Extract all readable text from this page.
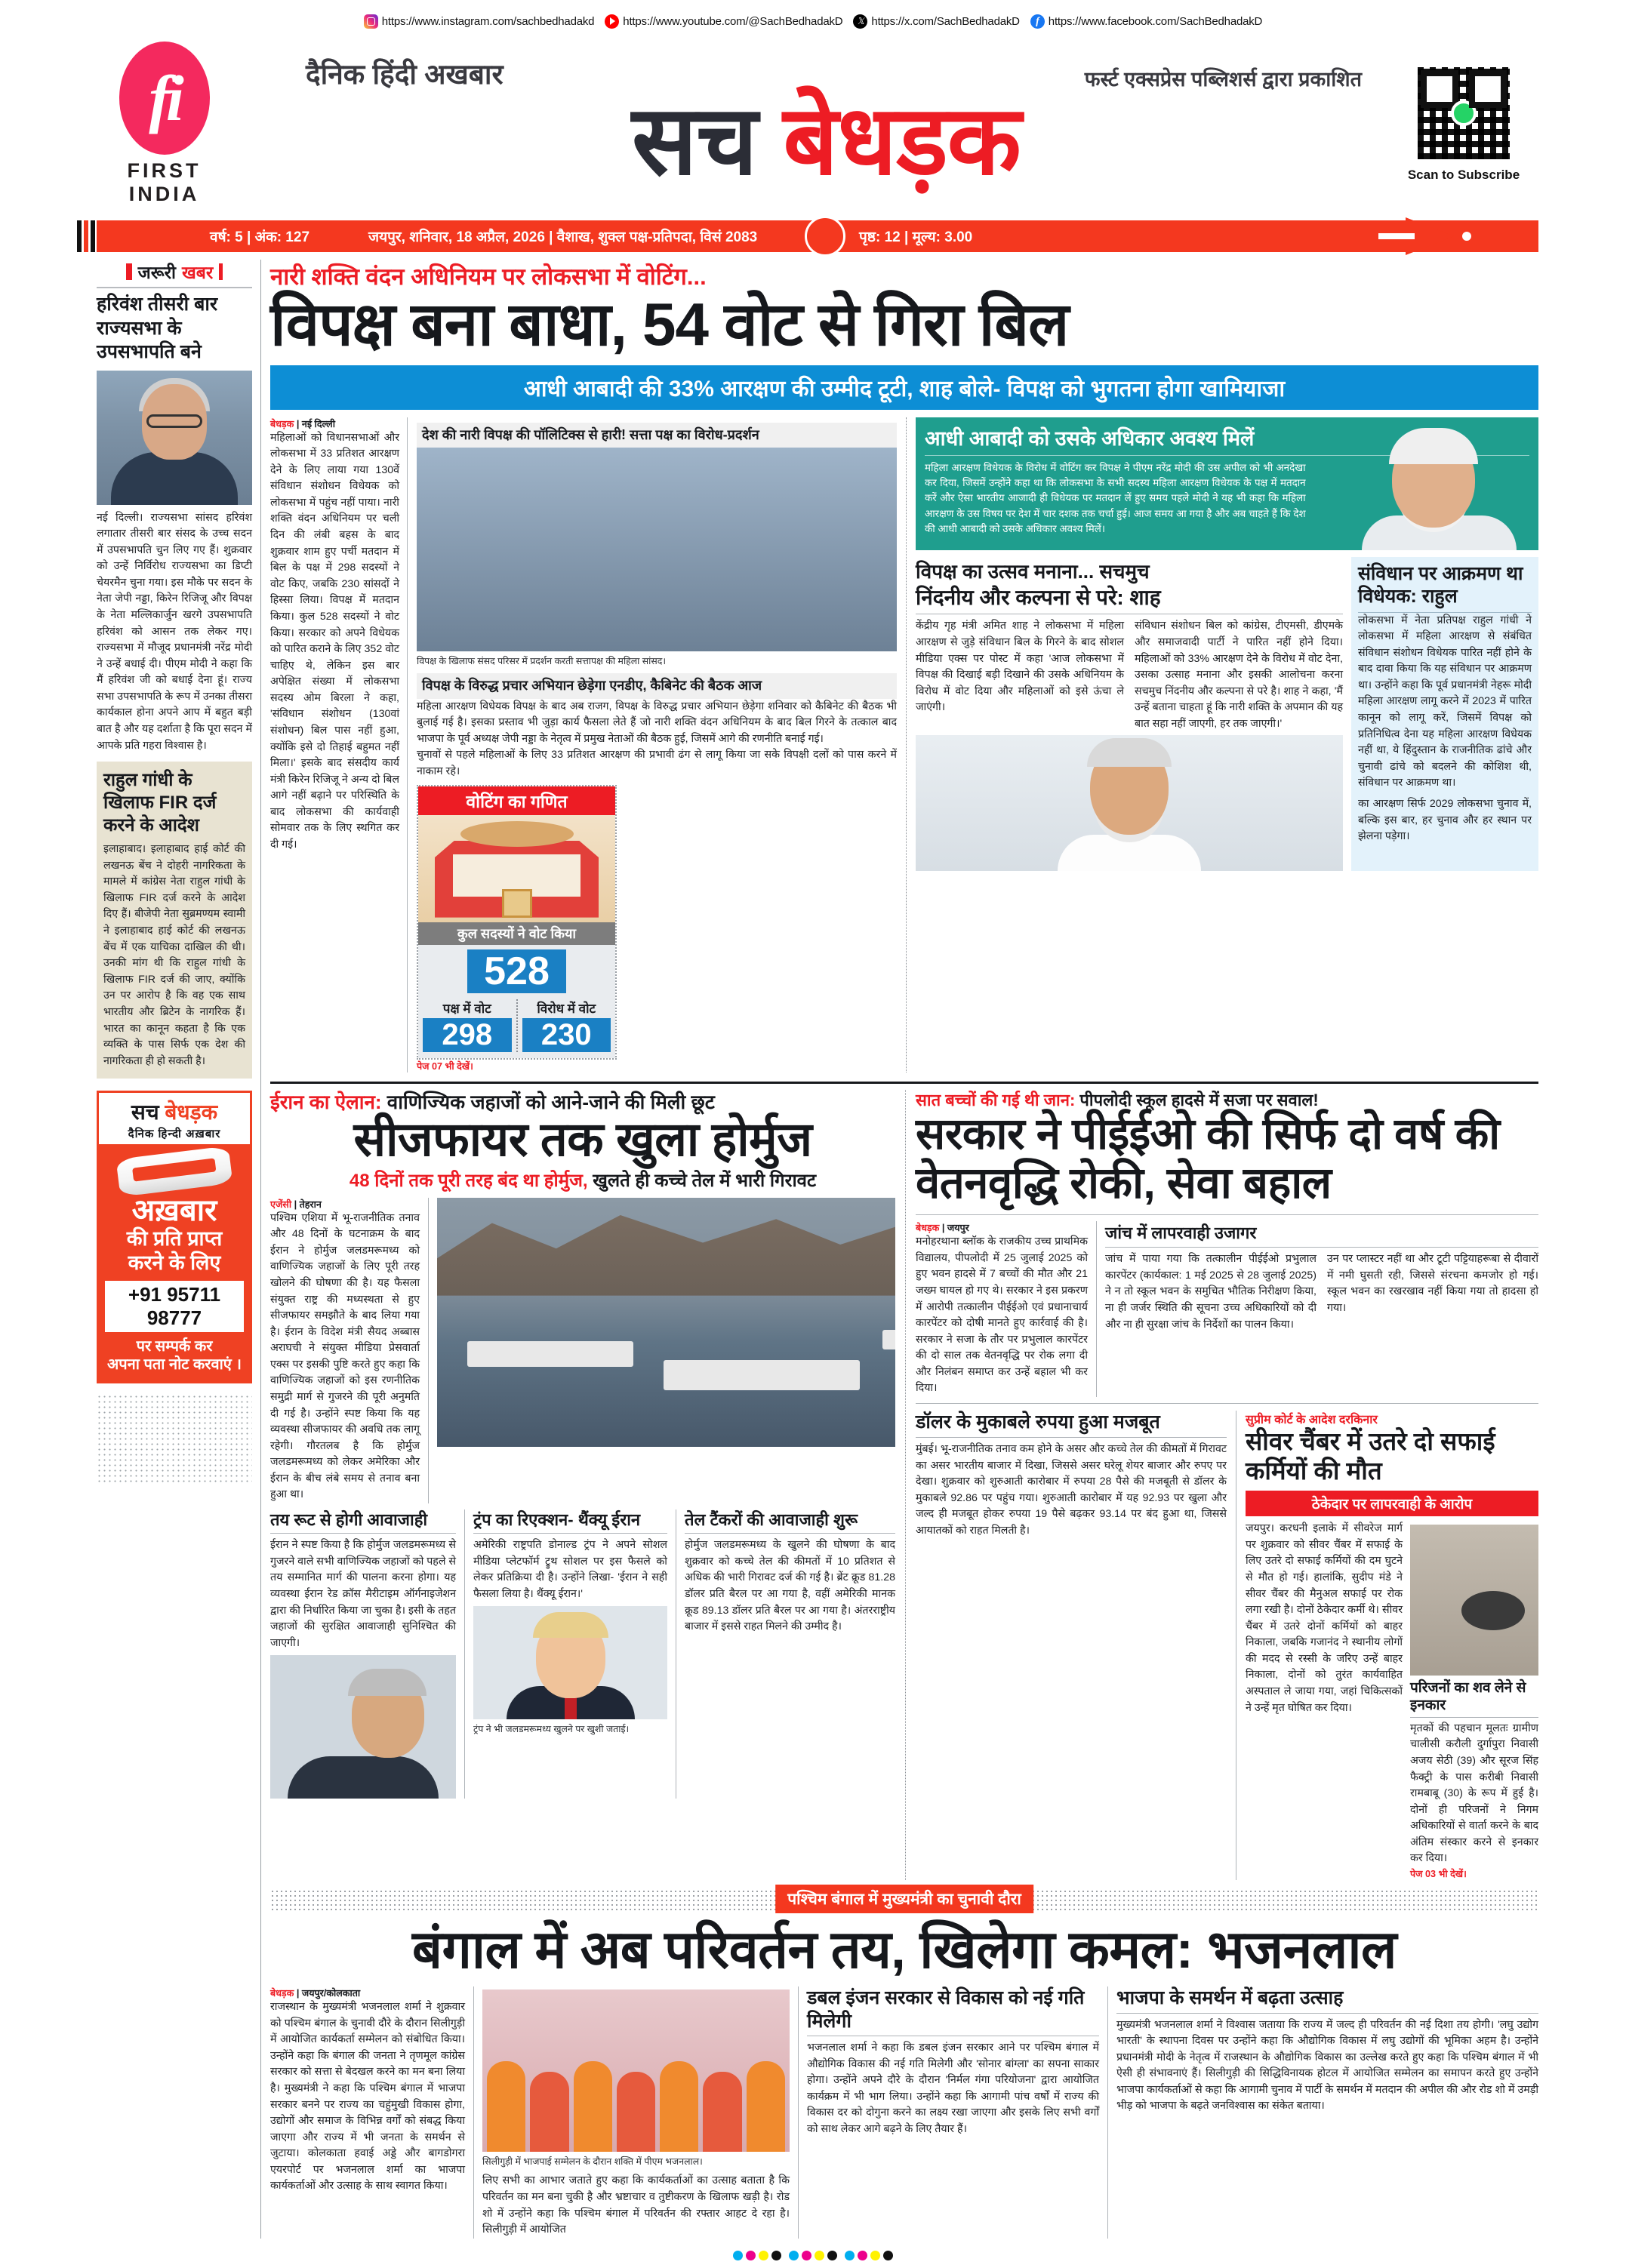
https://www.instagram.com/sachbedhadakd	https://www.youtube.com/@SachBedhadakD	𝕏 https://x.com/SachBedhadakD	f https://www.facebook.com/SachBedhadakD
fi
FIRST
INDIA
दैनिक हिंदी अखबार	फर्स्ट एक्सप्रेस पब्लिशर्स द्वारा प्रकाशित
सच बेधड़क	Scan to Subscribe
वर्ष: 5 | अंक: 127	जयपुर, शनिवार, 18 अप्रैल, 2026 | वैशाख, शुक्ल पक्ष-प्रतिपदा, विसं 2083	पृष्ठ: 12 | मूल्य: 3.00
जरूरी खबर
हरिवंश तीसरी बार राज्यसभा के उपसभापति बने
नई दिल्ली। राज्यसभा सांसद हरिवंश लगातार तीसरी बार संसद के उच्च सदन में उपसभापति चुन लिए गए हैं। शुक्रवार को उन्हें निर्विरोध राज्यसभा का डिप्टी चेयरमैन चुना गया। इस मौके पर सदन के नेता जेपी नड्डा, किरेन रिजिजू और विपक्ष के नेता मल्लिकार्जुन खरगे उपसभापति हरिवंश को आसन तक लेकर गए। राज्यसभा में मौजूद प्रधानमंत्री नरेंद्र मोदी ने उन्हें बधाई दी। पीएम मोदी ने कहा कि मैं हरिवंश जी को बधाई देना हूं। राज्य सभा उपसभापति के रूप में उनका तीसरा कार्यकाल होना अपने आप में बहुत बड़ी बात है और यह दर्शाता है कि पूरा सदन में आपके प्रति गहरा विश्वास है।
राहुल गांधी के खिलाफ FIR दर्ज करने के आदेश
इलाहाबाद। इलाहाबाद हाई कोर्ट की लखनऊ बेंच ने दोहरी नागरिकता के मामले में कांग्रेस नेता राहुल गांधी के खिलाफ FIR दर्ज करने के आदेश दिए हैं। बीजेपी नेता सुब्रमण्यम स्वामी ने इलाहाबाद हाई कोर्ट की लखनऊ बेंच में एक याचिका दाखिल की थी। उनकी मांग थी कि राहुल गांधी के खिलाफ FIR दर्ज की जाए, क्योंकि उन पर आरोप है कि वह एक साथ भारतीय और ब्रिटेन के नागरिक हैं। भारत का कानून कहता है कि एक व्यक्ति के पास सिर्फ एक देश की नागरिकता ही हो सकती है।
सच बेधड़क
दैनिक हिन्दी अख़बार
अख़बार
की प्रति प्राप्त
करने के लिए
+91 95711 98777
पर सम्पर्क कर
अपना पता नोट करवाएं ।
नारी शक्ति वंदन अधिनियम पर लोकसभा में वोटिंग...
विपक्ष बना बाधा, 54 वोट से गिरा बिल
आधी आबादी की 33% आरक्षण की उम्मीद टूटी, शाह बोले- विपक्ष को भुगतना होगा खामियाजा
बेधड़क | नई दिल्ली
महिलाओं को विधानसभाओं और लोकसभा में 33 प्रतिशत आरक्षण देने के लिए लाया गया 130वें संविधान संशोधन विधेयक को लोकसभा में पहुंच नहीं पाया। नारी शक्ति वंदन अधिनियम पर चली दिन की लंबी बहस के बाद शुक्रवार शाम हुए पर्ची मतदान में बिल के पक्ष में 298 सदस्यों ने वोट किए, जबकि 230 सांसदों ने हिस्सा लिया। विपक्ष में मतदान किया। कुल 528 सदस्यों ने वोट किया। सरकार को अपने विधेयक को पारित कराने के लिए 352 वोट चाहिए थे, लेकिन इस बार अपेक्षित संख्या में लोकसभा सदस्य ओम बिरला ने कहा, 'संविधान संशोधन (130वां संशोधन) बिल पास नहीं हुआ, क्योंकि इसे दो तिहाई बहुमत नहीं मिला।' इसके बाद संसदीय कार्य मंत्री किरेन रिजिजू ने अन्य दो बिल आगे नहीं बढ़ाने पर परिस्थिति के बाद लोकसभा की कार्यवाही सोमवार तक के लिए स्थगित कर दी गई।
देश की नारी विपक्ष की पॉलिटिक्स से हारी! सत्ता पक्ष का विरोध-प्रदर्शन
विपक्ष के खिलाफ संसद परिसर में प्रदर्शन करती सत्तापक्ष की महिला सांसद।
विपक्ष के विरुद्ध प्रचार अभियान छेड़ेगा एनडीए, कैबिनेट की बैठक आज
महिला आरक्षण विधेयक विपक्ष के बाद अब राजग, विपक्ष के विरुद्ध प्रचार अभियान छेड़ेगा शनिवार को कैबिनेट की बैठक भी बुलाई गई है। इसका प्रस्ताव भी जुड़ा कार्य फैसला लेते हैं जो नारी शक्ति वंदन अधिनियम के बाद बिल गिरने के तत्काल बाद भाजपा के पूर्व अध्यक्ष जेपी नड्डा के नेतृत्व में प्रमुख नेताओं की बैठक हुई, जिसमें आगे की रणनीति बनाई गई।
चुनावों से पहले महिलाओं के लिए 33 प्रतिशत आरक्षण की प्रभावी ढंग से लागू किया जा सके विपक्षी दलों को पास करने में नाकाम रहे।
वोटिंग का गणित
कुल सदस्यों ने वोट किया
528
पक्ष में वोट
298
विरोध में वोट
230
पेज 07 भी देखें।
आधी आबादी को उसके अधिकार अवश्य मिलें

महिला आरक्षण विधेयक के विरोध में वोटिंग कर विपक्ष ने पीएम नरेंद्र मोदी की उस अपील को भी अनदेखा कर दिया, जिसमें उन्होंने कहा था कि लोकसभा के सभी सदस्य महिला आरक्षण विधेयक के पक्ष में मतदान करें और ऐसा भारतीय आजादी ही विधेयक पर मतदान लें हुए समय पहले मोदी ने यह भी कहा कि महिला आरक्षण के उस विषय पर देश में चार दशक तक चर्चा हुई। आज समय आ गया है और अब चाहते हैं कि देश की आधी आबादी को उसके अधिकार अवश्य मिलें।

विपक्ष का उत्सव मनाना... सचमुच
निंदनीय और कल्पना से परे: शाह
केंद्रीय गृह मंत्री अमित शाह ने लोकसभा में महिला आरक्षण से जुड़े संविधान बिल के गिरने के बाद सोशल मीडिया एक्स पर पोस्ट में कहा 'आज लोकसभा में विपक्ष की दिखाई बड़ी दिखाने की उसके अधिनियम के विरोध में वोट दिया और महिलाओं को इसे ऊंचा ले जाएंगी।
संविधान संशोधन बिल को कांग्रेस, टीएमसी, डीएमके और समाजवादी पार्टी ने पारित नहीं होने दिया। महिलाओं को 33% आरक्षण देने के विरोध में वोट देना, उसका उत्साह मनाना और इसकी आलोचना करना सचमुच निंदनीय और कल्पना से परे है। शाह ने कहा, 'मैं उन्हें बताना चाहता हूं कि नारी शक्ति के अपमान की यह बात सहा नहीं जाएगी, हर तक जाएगी।'
संविधान पर आक्रमण था विधेयक: राहुल
लोकसभा में नेता प्रतिपक्ष राहुल गांधी ने लोकसभा में महिला आरक्षण से संबंधित संविधान संशोधन विधेयक पारित नहीं होने के बाद दावा किया कि यह संविधान पर आक्रमण था। उन्होंने कहा कि पूर्व प्रधानमंत्री नेहरू मोदी महिला आरक्षण लागू करने में 2023 में पारित कानून को लागू करें, जिसमें विपक्ष को प्रतिनिधित्व देना यह महिला आरक्षण विधेयक नहीं था, ये हिंदुस्तान के राजनीतिक ढांचे और चुनावी ढांचे को बदलने की कोशिश थी, संविधान पर आक्रमण था।
का आरक्षण सिर्फ 2029 लोकसभा चुनाव में, बल्कि इस बार, हर चुनाव और हर स्थान पर झेलना पड़ेगा।
ईरान का ऐलान: वाणिज्यिक जहाजों को आने-जाने की मिली छूट
सीजफायर तक खुला होर्मुज
48 दिनों तक पूरी तरह बंद था होर्मुज, खुलते ही कच्चे तेल में भारी गिरावट
एजेंसी | तेहरान
पश्चिम एशिया में भू-राजनीतिक तनाव और 48 दिनों के घटनाक्रम के बाद ईरान ने होर्मुज जलडमरूमध्य को वाणिज्यिक जहाजों के लिए पूरी तरह खोलने की घोषणा की है। यह फैसला संयुक्त राष्ट्र की मध्यस्थता से हुए सीजफायर समझौते के बाद लिया गया है। ईरान के विदेश मंत्री सैयद अब्बास अराघची ने संयुक्त मीडिया प्रेसवार्ता एक्स पर इसकी पुष्टि करते हुए कहा कि वाणिज्यिक जहाजों को इस रणनीतिक समुद्री मार्ग से गुजरने की पूरी अनुमति दी गई है। उन्होंने स्पष्ट किया कि यह व्यवस्था सीजफायर की अवधि तक लागू रहेगी। गौरतलब है कि होर्मुज जलडमरूमध्य को लेकर अमेरिका और ईरान के बीच लंबे समय से तनाव बना हुआ था।
तय रूट से होगी आवाजाही
ईरान ने स्पष्ट किया है कि होर्मुज जलडमरूमध्य से गुजरने वाले सभी वाणिज्यिक जहाजों को पहले से तय सम्मानित मार्ग की पालना करना होगा। यह व्यवस्था ईरान रेड क्रॉस मैरीटाइम ऑर्गनाइजेशन द्वारा की निर्धारित किया जा चुका है। इसी के तहत जहाजों की सुरक्षित आवाजाही सुनिश्चित की जाएगी।
ट्रंप का रिएक्शन- थैंक्यू ईरान
अमेरिकी राष्ट्रपति डोनाल्ड ट्रंप ने अपने सोशल मीडिया प्लेटफॉर्म ट्रुथ सोशल पर इस फैसले को लेकर प्रतिक्रिया दी है। उन्होंने लिखा- 'ईरान ने सही फैसला लिया है। थैंक्यू ईरान।'
ट्रंप ने भी जलडमरूमध्य खुलने पर खुशी जताई।
तेल टैंकरों की आवाजाही शुरू
होर्मुज जलडमरूमध्य के खुलने की घोषणा के बाद शुक्रवार को कच्चे तेल की कीमतों में 10 प्रतिशत से अधिक की भारी गिरावट दर्ज की गई है। ब्रेंट क्रूड 81.28 डॉलर प्रति बैरल पर आ गया है, वहीं अमेरिकी मानक क्रूड 89.13 डॉलर प्रति बैरल पर आ गया है। अंतरराष्ट्रीय बाजार में इससे राहत मिलने की उम्मीद है।
सात बच्चों की गई थी जान: पीपलोदी स्कूल हादसे में सजा पर सवाल!
सरकार ने पीईईओ की सिर्फ दो वर्ष की वेतनवृद्धि रोकी, सेवा बहाल
बेधड़क | जयपुर
मनोहरथाना ब्लॉक के राजकीय उच्च प्राथमिक विद्यालय, पीपलोदी में 25 जुलाई 2025 को हुए भवन हादसे में 7 बच्चों की मौत और 21 जख्म घायल हो गए थे। सरकार ने इस प्रकरण में आरोपी तत्कालीन पीईईओ एवं प्रधानाचार्य कारपेंटर को दोषी मानते हुए कार्रवाई की है। सरकार ने सजा के तौर पर प्रभुलाल कारपेंटर की दो साल तक वेतनवृद्धि पर रोक लगा दी और निलंबन समाप्त कर उन्हें बहाल भी कर दिया।
जांच में लापरवाही उजागर
जांच में पाया गया कि तत्कालीन पीईईओ प्रभुलाल कारपेंटर (कार्यकाल: 1 मई 2025 से 28 जुलाई 2025) ने न तो स्कूल भवन के समुचित भौतिक निरीक्षण किया, ना ही जर्जर स्थिति की सूचना उच्च अधिकारियों को दी और ना ही सुरक्षा जांच के निर्देशों का पालन किया।
उन पर प्लास्टर नहीं था और टूटी पट्टियाहरूबा से दीवारों में नमी घुसती रही, जिससे संरचना कमजोर हो गई। स्कूल भवन का रखरखाव नहीं किया गया तो हादसा हो गया।
डॉलर के मुकाबले रुपया हुआ मजबूत
मुंबई। भू-राजनीतिक तनाव कम होने के असर और कच्चे तेल की कीमतों में गिरावट का असर भारतीय बाजार में दिखा, जिससे असर घरेलू शेयर बाजार और रुपए पर देखा। शुक्रवार को शुरुआती कारोबार में रुपया 28 पैसे की मजबूती से डॉलर के मुकाबले 92.86 पर पहुंच गया। शुरुआती कारोबार में यह 92.93 पर खुला और जल्द ही मजबूत होकर रुपया 19 पैसे बढ़कर 93.14 पर बंद हुआ था, जिससे आयातकों को राहत मिलती है।
सुप्रीम कोर्ट के आदेश दरकिनार
सीवर चैंबर में उतरे दो सफाई कर्मियों की मौत
ठेकेदार पर लापरवाही के आरोप
जयपुर। करधनी इलाके में सीवरेज मार्ग पर शुक्रवार को सीवर चैंबर में सफाई के लिए उतरे दो सफाई कर्मियों की दम घुटने से मौत हो गई। हालांकि, सुदीप मंडे ने सीवर चैंबर की मैनुअल सफाई पर रोक लगा रखी है। दोनों ठेकेदार कर्मी थे। सीवर चैंबर में उतरे दोनों कर्मियों को बाहर निकाला, जबकि गजानंद ने स्थानीय लोगों की मदद से रस्सी के जरिए उन्हें बाहर निकाला, दोनों को तुरंत कार्यवाहित अस्पताल ले जाया गया, जहां चिकित्सकों ने उन्हें मृत घोषित कर दिया।
परिजनों का शव लेने से इनकार
मृतकों की पहचान मूलतः ग्रामीण चालीसी करौली दुर्गापुरा निवासी अजय सेठी (39) और सूरज सिंह फैक्ट्री के पास करीबी निवासी रामबाबू (30) के रूप में हुई है। दोनों ही परिजनों ने निगम अधिकारियों से वार्ता करने के बाद अंतिम संस्कार करने से इनकार कर दिया।
पेज 03 भी देखें।
पश्चिम बंगाल में मुख्यमंत्री का चुनावी दौरा
बंगाल में अब परिवर्तन तय, खिलेगा कमल: भजनलाल
बेधड़क | जयपुर/कोलकाता
राजस्थान के मुख्यमंत्री भजनलाल शर्मा ने शुक्रवार को पश्चिम बंगाल के चुनावी दौरे के दौरान सिलीगुड़ी में आयोजित कार्यकर्ता सम्मेलन को संबोधित किया। उन्होंने कहा कि बंगाल की जनता ने तृणमूल कांग्रेस सरकार को सत्ता से बेदखल करने का मन बना लिया है। मुख्यमंत्री ने कहा कि पश्चिम बंगाल में भाजपा सरकार बनने पर राज्य का चहुंमुखी विकास होगा, उद्योगों और समाज के विभिन्न वर्गों को संबद्ध किया जाएगा और राज्य में भी जनता के समर्थन से जुटाया। कोलकाता हवाई अड्डे और बागडोगरा एयरपोर्ट पर भजनलाल शर्मा का भाजपा कार्यकर्ताओं और उत्साह के साथ स्वागत किया।
सिलीगुड़ी में भाजपाई सम्मेलन के दौरान शक्ति में पीएम भजनलाल।
लिए सभी का आभार जताते हुए कहा कि कार्यकर्ताओं का उत्साह बताता है कि परिवर्तन का मन बना चुकी है और भ्रष्टाचार व तुष्टीकरण के खिलाफ खड़ी है। रोड शो में उन्होंने कहा कि पश्चिम बंगाल में परिवर्तन की रफ्तार आहट दे रहा है। सिलीगुड़ी में आयोजित
डबल इंजन सरकार से विकास को नई गति मिलेगी
भजनलाल शर्मा ने कहा कि डबल इंजन सरकार आने पर पश्चिम बंगाल में औद्योगिक विकास की नई गति मिलेगी और 'सोनार बांग्ला' का सपना साकार होगा। उन्होंने अपने दौरे के दौरान 'निर्मल गंगा परियोजना' द्वारा आयोजित कार्यक्रम में भी भाग लिया। उन्होंने कहा कि आगामी पांच वर्षों में राज्य की विकास दर को दोगुना करने का लक्ष्य रखा जाएगा और इसके लिए सभी वर्गों को साथ लेकर आगे बढ़ने के लिए तैयार हैं।
भाजपा के समर्थन में बढ़ता उत्साह
मुख्यमंत्री भजनलाल शर्मा ने विश्वास जताया कि राज्य में जल्द ही परिवर्तन की नई दिशा तय होगी। 'लघु उद्योग भारती' के स्थापना दिवस पर उन्होंने कहा कि औद्योगिक विकास में लघु उद्योगों की भूमिका अहम है। उन्होंने प्रधानमंत्री मोदी के नेतृत्व में राजस्थान के औद्योगिक विकास का उल्लेख करते हुए कहा कि पश्चिम बंगाल में भी ऐसी ही संभावनाएं हैं। सिलीगुड़ी की सिद्धिविनायक होटल में आयोजित सम्मेलन का समापन करते हुए उन्होंने भाजपा कार्यकर्ताओं से कहा कि आगामी चुनाव में पार्टी के समर्थन में मतदान की अपील की और रोड शो में उमड़ी भीड़ को भाजपा के बढ़ते जनविश्वास का संकेत बताया।
